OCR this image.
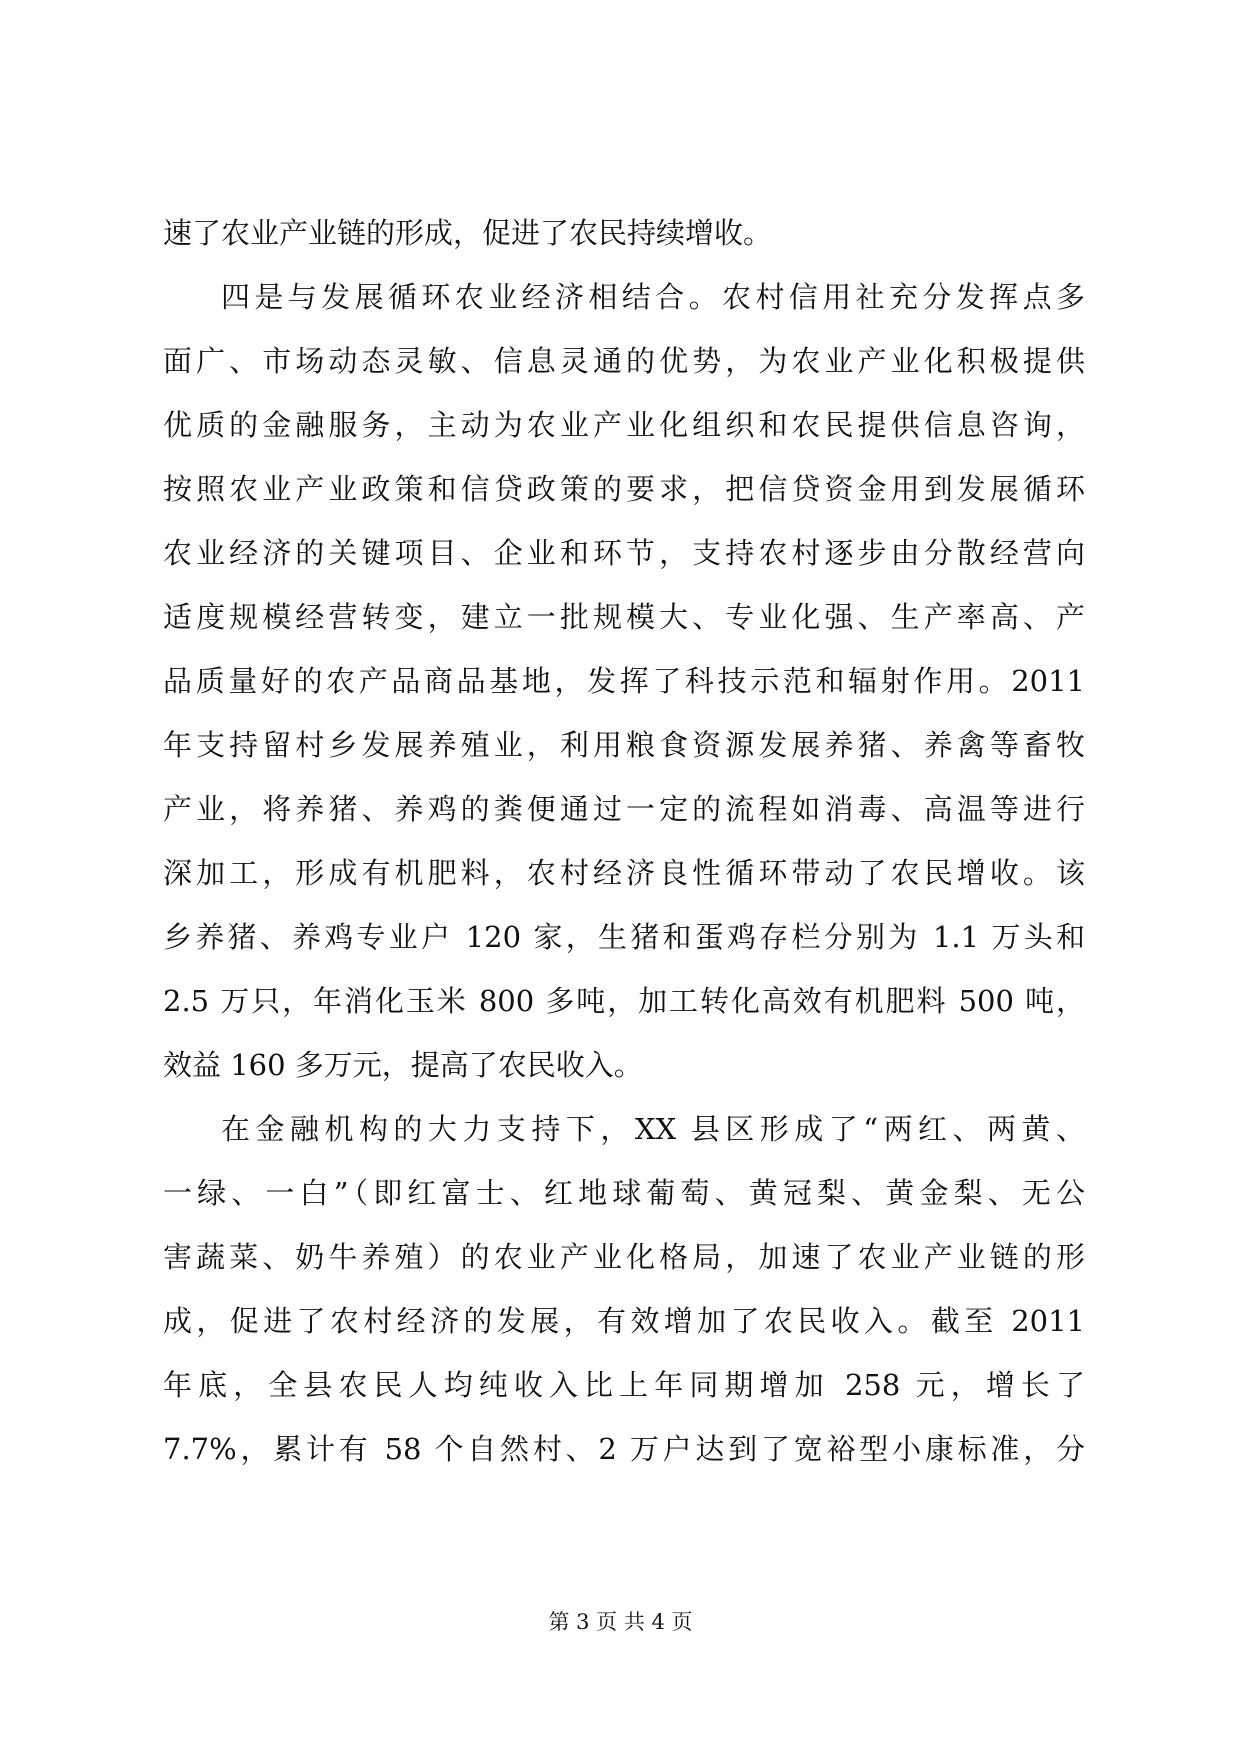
速了农业产业链的形成，促进了农民持续增收。
四是与发展循环农业经济相结合。农村信用社充分发挥点多
面广、市场动态灵敏、信息灵通的优势，为农业产业化积极提供
优质的金融服务，主动为农业产业化组织和农民提供信息咨询，
按照农业产业政策和信贷政策的要求，把信贷资金用到发展循环
农业经济的关键项目、企业和环节，支持农村逐步由分散经营向
适度规模经营转变，建立一批规模大、专业化强、生产率高、产
品质量好的农产品商品基地，发挥了科技示范和辐射作用。2011
年支持留村乡发展养殖业，利用粮食资源发展养猪、养禽等畜牧
产业，将养猪、养鸡的粪便通过一定的流程如消毒、高温等进行
深加工，形成有机肥料，农村经济良性循环带动了农民增收。该
乡养猪、养鸡专业户 120 家，生猪和蛋鸡存栏分别为 1.1 万头和
2.5 万只，年消化玉米 800 多吨，加工转化高效有机肥料 500 吨，
效益 160 多万元，提高了农民收入。
在金融机构的大力支持下，XX 县区形成了“两红、两黄、
一绿、一白”（即红富士、红地球葡萄、黄冠梨、黄金梨、无公
害蔬菜、奶牛养殖）的农业产业化格局，加速了农业产业链的形
成，促进了农村经济的发展，有效增加了农民收入。截至 2011
年底，全县农民人均纯收入比上年同期增加 258 元，增长了
7.7%，累计有 58 个自然村、2 万户达到了宽裕型小康标准，分
第 3 页 共 4 页
